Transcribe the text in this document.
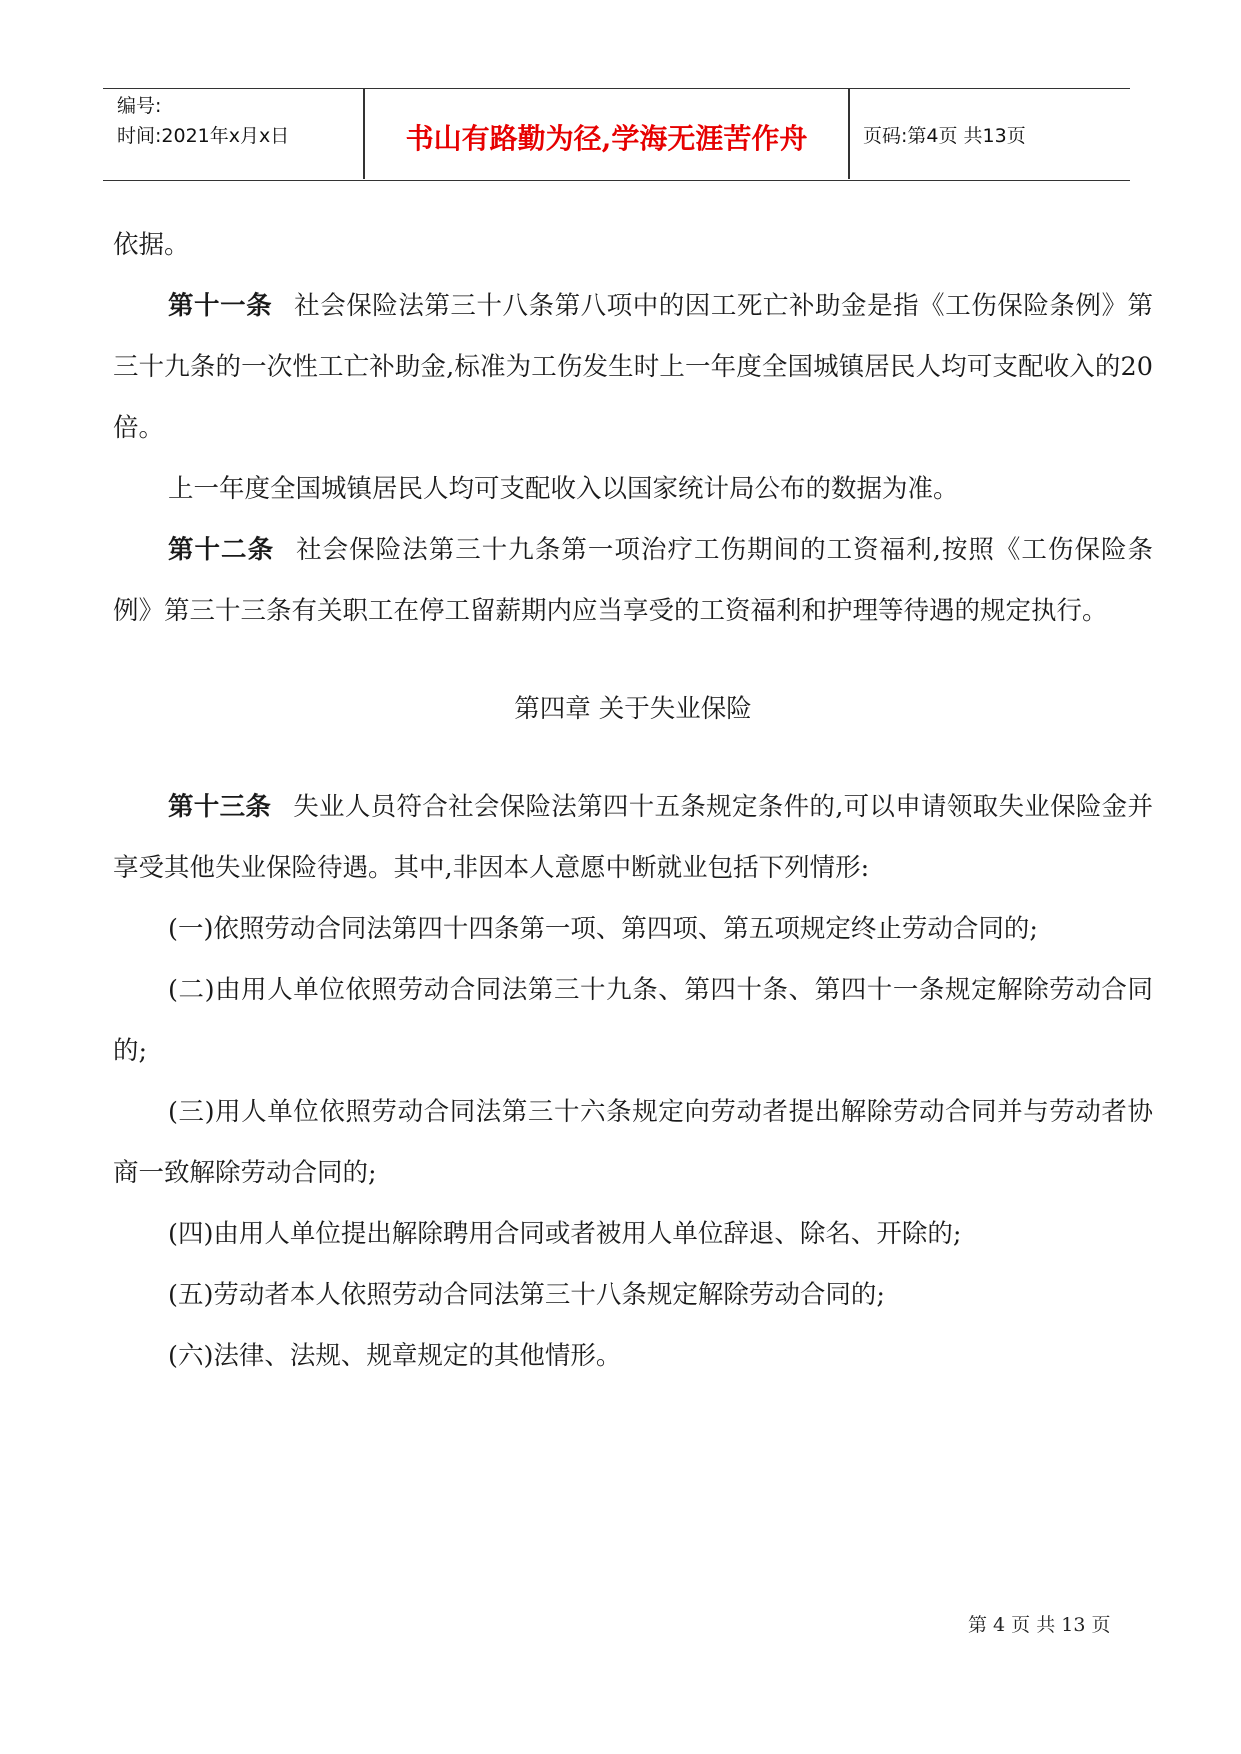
编号:
时间:2021年x月x日	书山有路勤为径,学海无涯苦作舟	页码:第4页 共13页

依据。

第十一条 社会保险法第三十八条第八项中的因工死亡补助金是指《工伤保险条例》第三十九条的一次性工亡补助金,标准为工伤发生时上一年度全国城镇居民人均可支配收入的20倍。

上一年度全国城镇居民人均可支配收入以国家统计局公布的数据为准。

第十二条 社会保险法第三十九条第一项治疗工伤期间的工资福利,按照《工伤保险条例》第三十三条有关职工在停工留薪期内应当享受的工资福利和护理等待遇的规定执行。

第四章 关于失业保险

第十三条 失业人员符合社会保险法第四十五条规定条件的,可以申请领取失业保险金并享受其他失业保险待遇。其中,非因本人意愿中断就业包括下列情形:

(一)依照劳动合同法第四十四条第一项、第四项、第五项规定终止劳动合同的;

(二)由用人单位依照劳动合同法第三十九条、第四十条、第四十一条规定解除劳动合同的;

(三)用人单位依照劳动合同法第三十六条规定向劳动者提出解除劳动合同并与劳动者协商一致解除劳动合同的;

(四)由用人单位提出解除聘用合同或者被用人单位辞退、除名、开除的;

(五)劳动者本人依照劳动合同法第三十八条规定解除劳动合同的;

(六)法律、法规、规章规定的其他情形。

第 4 页 共 13 页
